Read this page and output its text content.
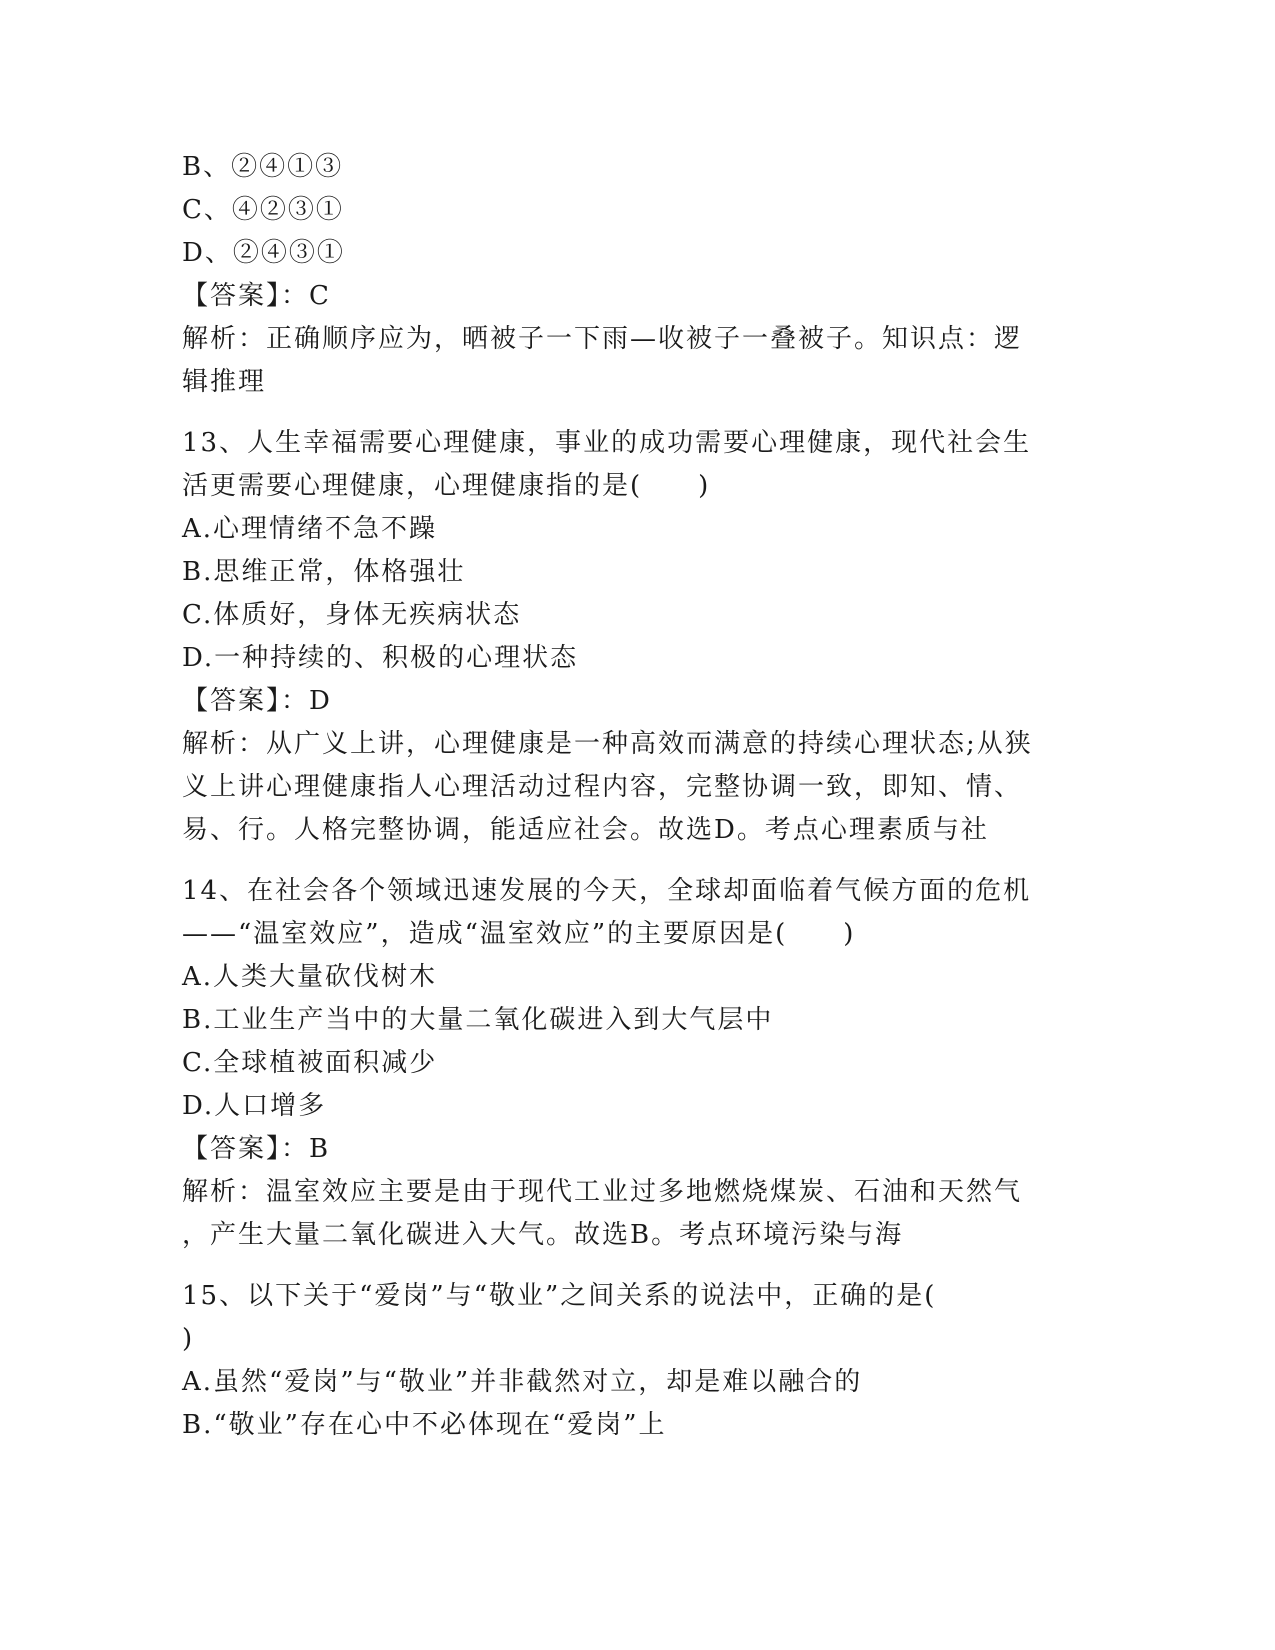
B、②④①③
C、④②③①
D、②④③①
【答案】：C
解析：正确顺序应为，晒被子一下雨—收被子一叠被子。知识点：逻
辑推理
13、人生幸福需要心理健康，事业的成功需要心理健康，现代社会生
活更需要心理健康，心理健康指的是(　　)
A.心理情绪不急不躁
B.思维正常，体格强壮
C.体质好，身体无疾病状态
D.一种持续的、积极的心理状态
【答案】：D
解析：从广义上讲，心理健康是一种高效而满意的持续心理状态;从狭
义上讲心理健康指人心理活动过程内容，完整协调一致，即知、情、
易、行。人格完整协调，能适应社会。故选D。考点心理素质与社
14、在社会各个领域迅速发展的今天，全球却面临着气候方面的危机
——“温室效应”，造成“温室效应”的主要原因是(　　)
A.人类大量砍伐树木
B.工业生产当中的大量二氧化碳进入到大气层中
C.全球植被面积减少
D.人口增多
【答案】：B
解析：温室效应主要是由于现代工业过多地燃烧煤炭、石油和天然气
，产生大量二氧化碳进入大气。故选B。考点环境污染与海
15、以下关于“爱岗”与“敬业”之间关系的说法中，正确的是(
)
A.虽然“爱岗”与“敬业”并非截然对立，却是难以融合的
B.“敬业”存在心中不必体现在“爱岗”上
